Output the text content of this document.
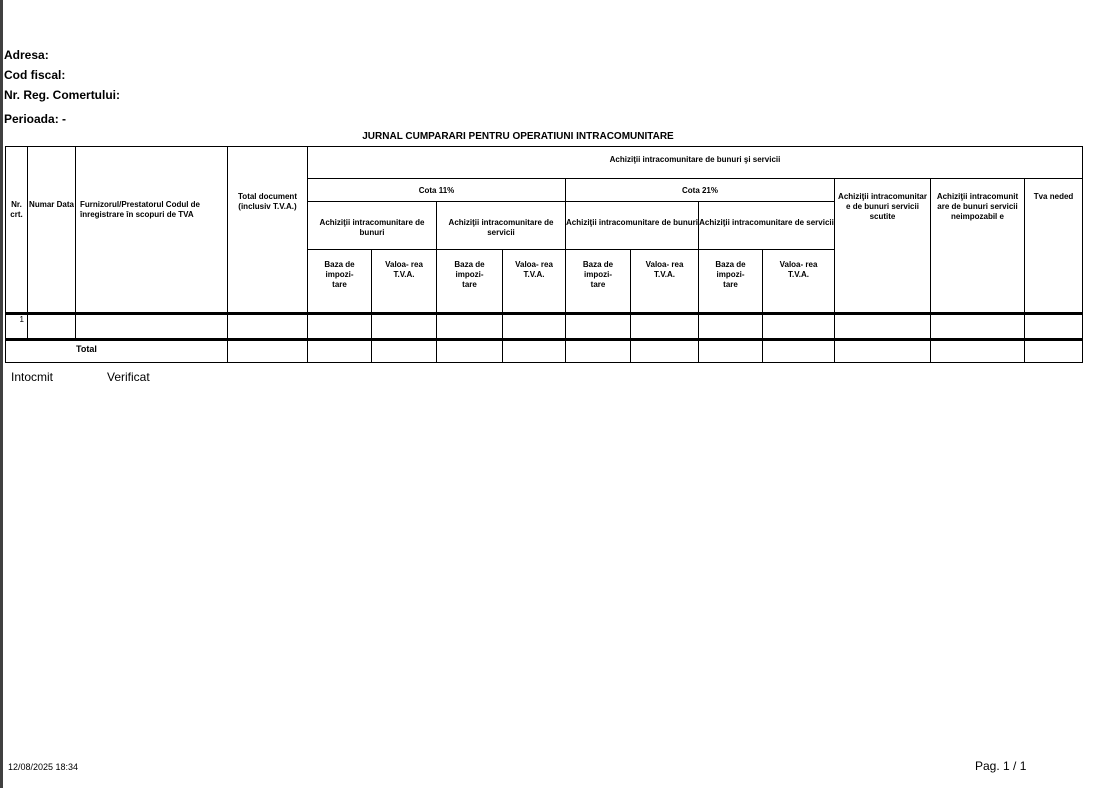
Adresa:
Cod fiscal:
Nr. Reg. Comertului:
Perioada: -
JURNAL CUMPARARI PENTRU OPERATIUNI INTRACOMUNITARE
Nr. crt.	Numar Data	Furnizorul/Prestatorul Codul de înregistrare în scopuri de TVA	Total document (inclusiv T.V.A.)	Achiziţii intracomunitare de bunuri şi servicii										
				Cota 11%				Cota 21%				Achiziţii intracomunitar e de bunuri servicii scutite	Achiziţii intracomunit are de bunuri servicii neimpozabil e	Tva neded
				Achiziţii intracomunitare de bunuri		Achiziţii intracomunitare de servicii		Achiziţii intracomunitare de bunuri		Achiziţii intracomunitare de servicii				
				Baza de impozi- tare	Valoa- rea T.V.A.	Baza de impozi- tare	Valoa- rea T.V.A.	Baza de impozi- tare	Valoa- rea T.V.A.	Baza de impozi- tare	Valoa- rea T.V.A.			
1														
Total														
Intocmit	Verificat
12/08/2025 18:34	Pag. 1 / 1
